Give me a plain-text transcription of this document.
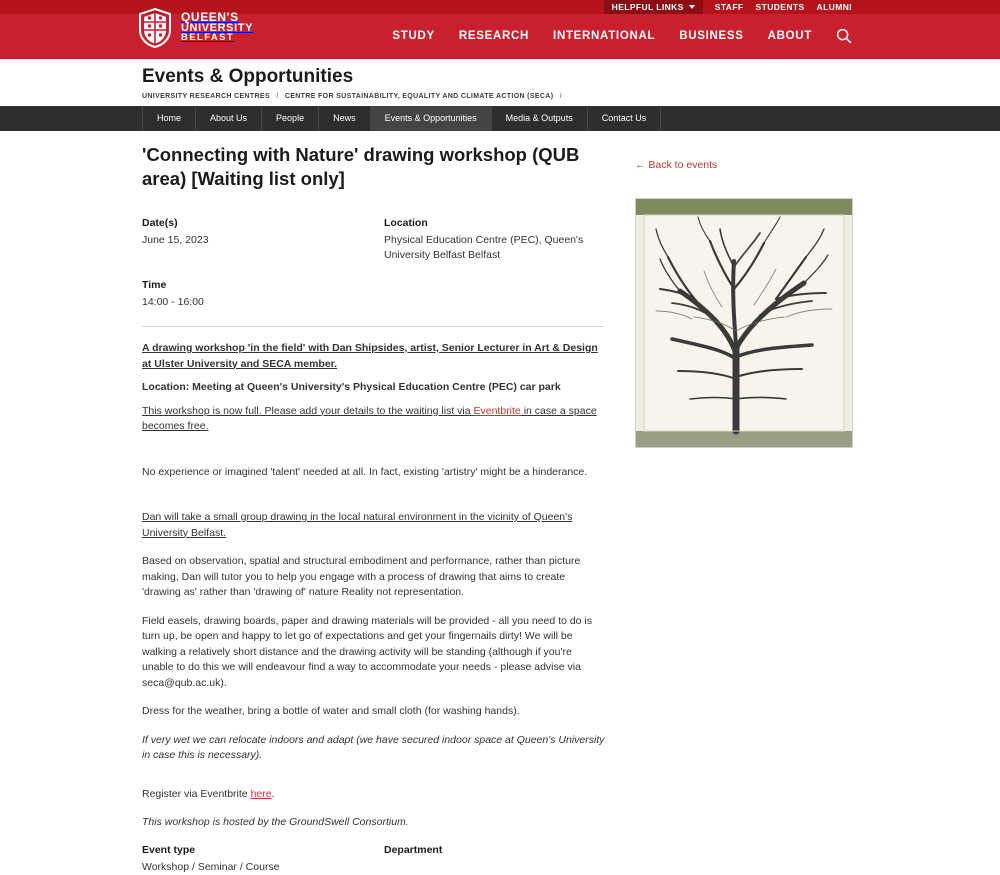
HELPFUL LINKS	STAFF STUDENTS ALUMNI
QUEEN'S
UNIVERSITY
BELFAST	STUDY RESEARCH INTERNATIONAL BUSINESS ABOUT
Events & Opportunities
UNIVERSITY RESEARCH CENTRES / CENTRE FOR SUSTAINABILITY, EQUALITY AND CLIMATE ACTION (SECA) /
Home	About Us	People	News	Events & Opportunities	Media & Outputs	Contact Us
'Connecting with Nature' drawing workshop (QUB area) [Waiting list only]
Date(s)
June 15, 2023
Location
Physical Education Centre (PEC), Queen's University Belfast Belfast
Time
14:00 - 16:00

A drawing workshop 'in the field' with Dan Shipsides, artist, Senior Lecturer in Art & Design at Ulster University and SECA member.

Location: Meeting at Queen's University's Physical Education Centre (PEC) car park

This workshop is now full. Please add your details to the waiting list via Eventbrite in case a space becomes free.

No experience or imagined 'talent' needed at all. In fact, existing 'artistry' might be a hinderance.

Dan will take a small group drawing in the local natural environment in the vicinity of Queen's University Belfast.

Based on observation, spatial and structural embodiment and performance, rather than picture making, Dan will tutor you to help you engage with a process of drawing that aims to create 'drawing as' rather than 'drawing of' nature Reality not representation.

Field easels, drawing boards, paper and drawing materials will be provided - all you need to do is turn up, be open and happy to let go of expectations and get your fingernails dirty! We will be walking a relatively short distance and the drawing activity will be standing (although if you're unable to do this we will endeavour find a way to accommodate your needs - please advise via seca@qub.ac.uk).

Dress for the weather, bring a bottle of water and small cloth (for washing hands).

If very wet we can relocate indoors and adapt (we have secured indoor space at Queen's University in case this is necessary).

Register via Eventbrite here.

This workshop is hosted by the GroundSwell Consortium.

Event type
Workshop / Seminar / Course
Department
← Back to events
